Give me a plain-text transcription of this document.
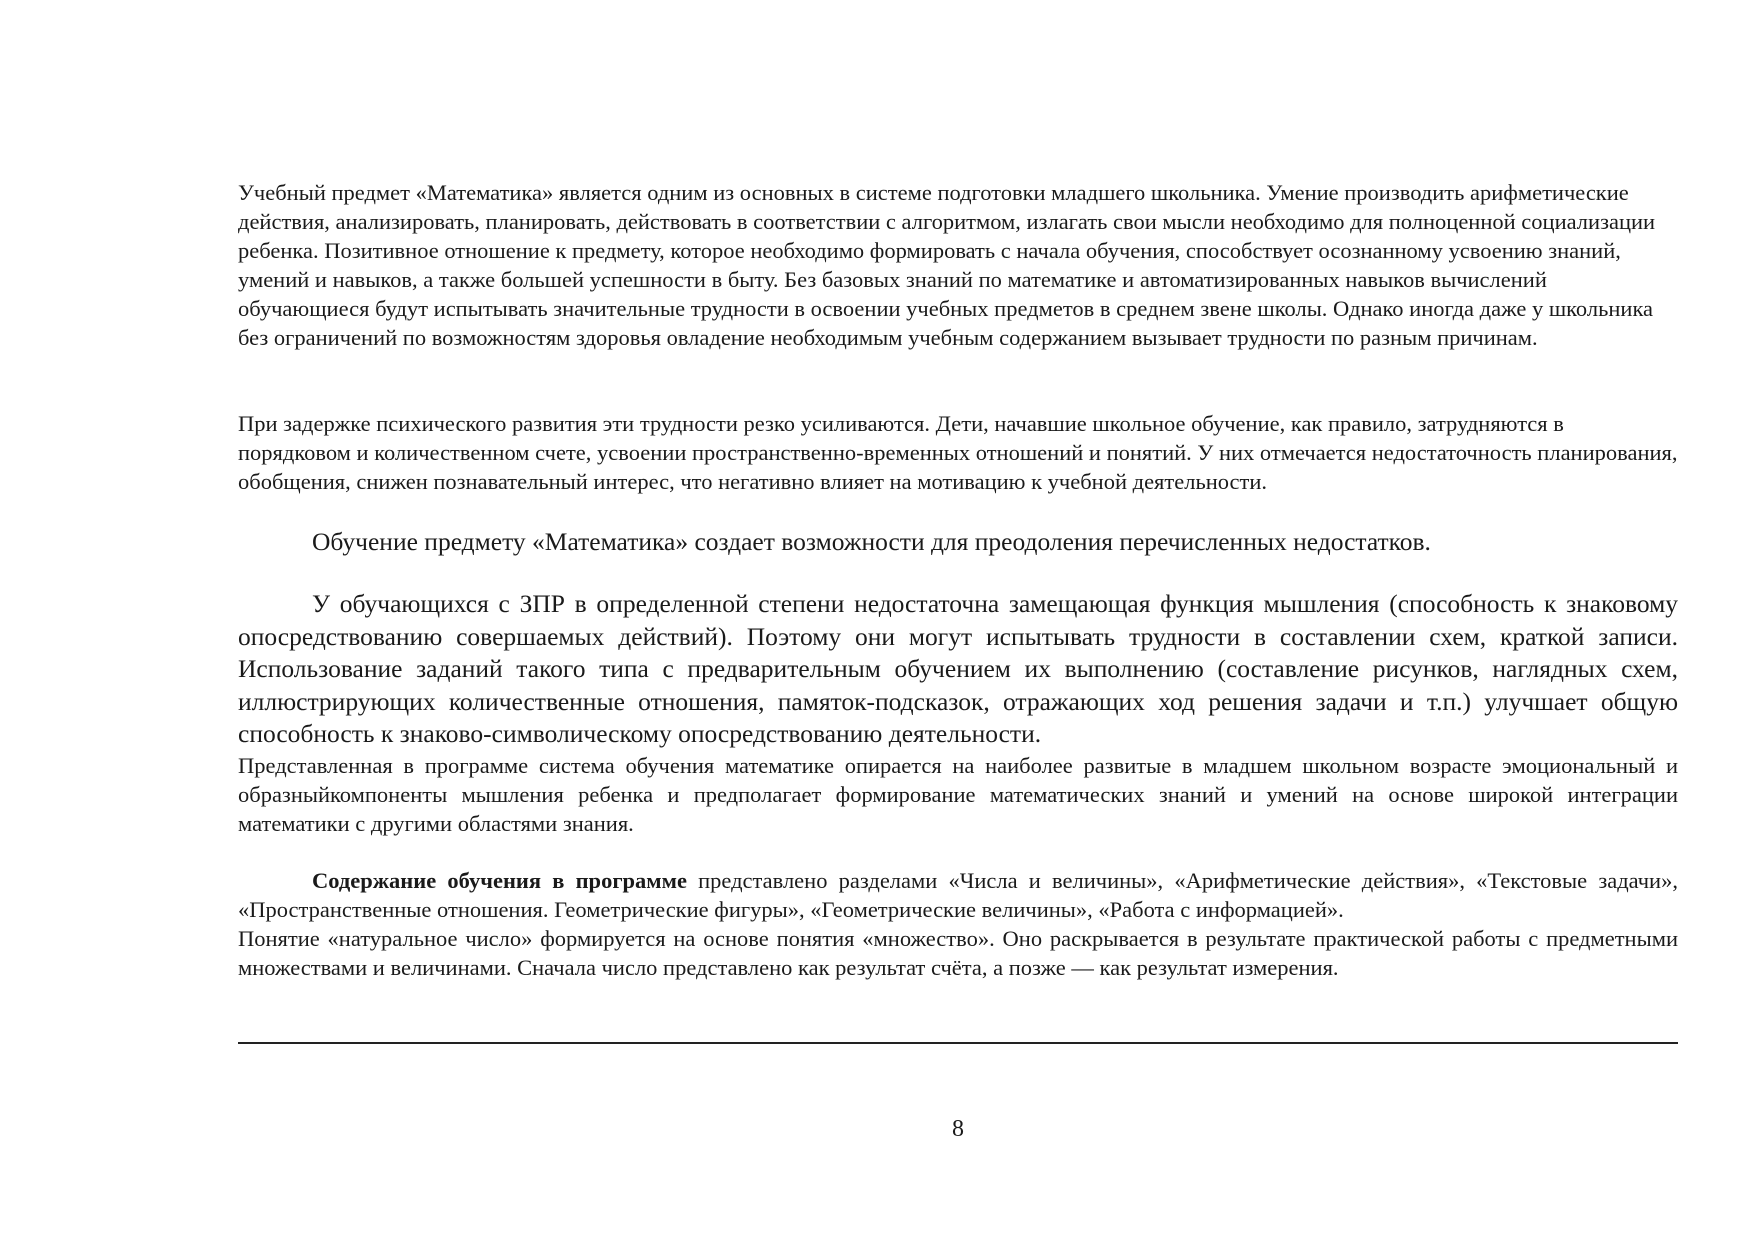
Учебный предмет «Математика» является одним из основных в системе подготовки младшего школьника. Умение производить арифметические действия, анализировать, планировать, действовать в соответствии с алгоритмом, излагать свои мысли необходимо для полноценной социализации ребенка. Позитивное отношение к предмету, которое необходимо формировать с начала обучения, способствует осознанному усвоению знаний, умений и навыков, а также большей успешности в быту. Без базовых знаний по математике и автоматизированных навыков вычислений обучающиеся будут испытывать значительные трудности в освоении учебных предметов в среднем звене школы. Однако иногда даже у школьника без ограничений по возможностям здоровья овладение необходимым учебным содержанием вызывает трудности по разным причинам.

При задержке психического развития эти трудности резко усиливаются. Дети, начавшие школьное обучение, как правило, затрудняются в порядковом и количественном счете, усвоении пространственно-временных отношений и понятий. У них отмечается недостаточность планирования, обобщения, снижен познавательный интерес, что негативно влияет на мотивацию к учебной деятельности.

Обучение предмету «Математика» создает возможности для преодоления перечисленных недостатков.

У обучающихся с ЗПР в определенной степени недостаточна замещающая функция мышления (способность к знаковому опосредствованию совершаемых действий). Поэтому они могут испытывать трудности в составлении схем, краткой записи. Использование заданий такого типа с предварительным обучением их выполнению (составление рисунков, наглядных схем, иллюстрирующих количественные отношения, памяток-подсказок, отражающих ход решения задачи и т.п.) улучшает общую способность к знаково-символическому опосредствованию деятельности.

Представленная в программе система обучения математике опирается на наиболее развитые в младшем школьном возрасте эмоциональный и образныйкомпоненты мышления ребенка и предполагает формирование математических знаний и умений на основе широкой интеграции математики с другими областями знания.

Содержание обучения в программе представлено разделами «Числа и величины», «Арифметические действия», «Текстовые задачи», «Пространственные отношения. Геометрические фигуры», «Геометрические величины», «Работа с информацией».

Понятие «натуральное число» формируется на основе понятия «множество». Оно раскрывается в результате практической работы с предметными множествами и величинами. Сначала число представлено как результат счёта, а позже — как результат измерения.

8
